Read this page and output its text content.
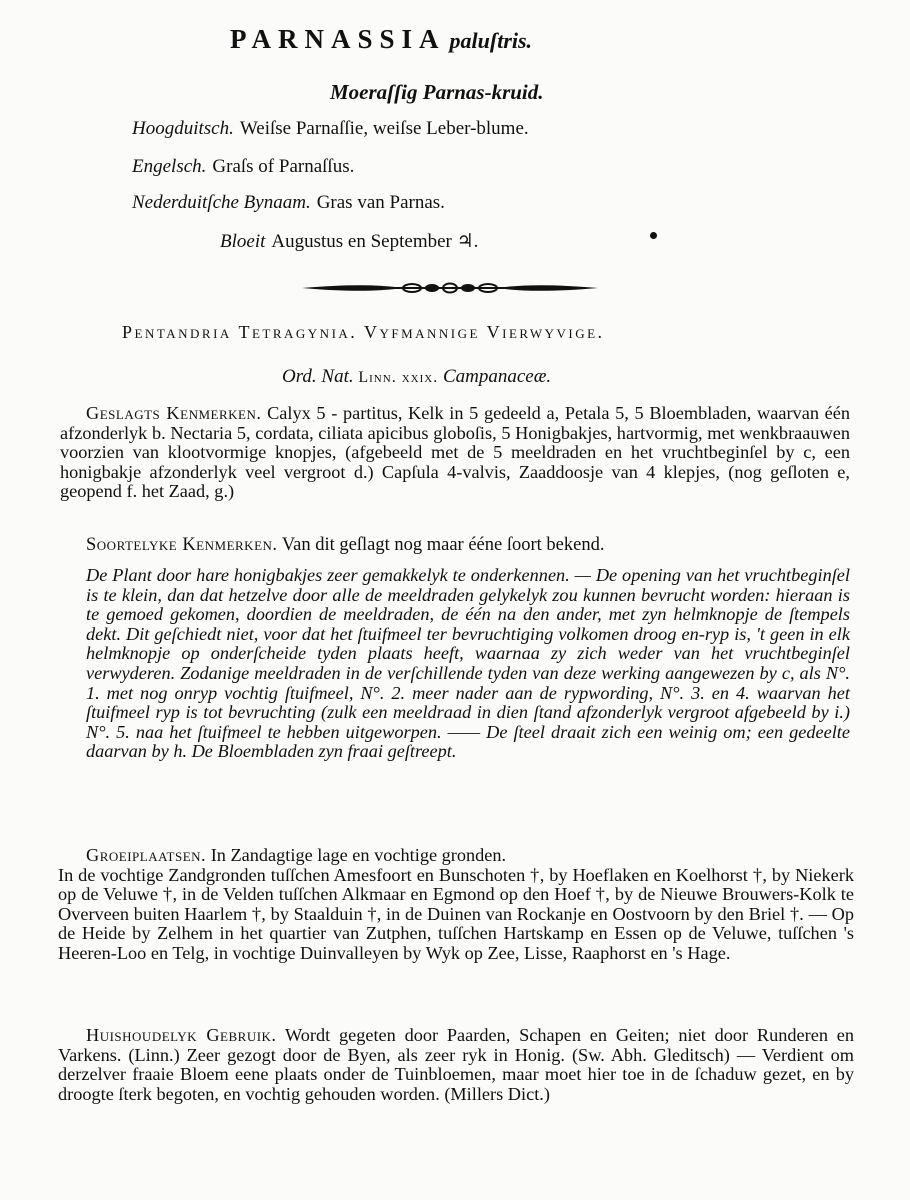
PARNASSIA paluſtris.
Moeraſſig Parnas-kruid.
Hoogduitsch. Weiſse Parnaſſie, weiſse Leber-blume.
Engelsch. Graſs of Parnaſſus.
Nederduitſche Bynaam. Gras van Parnas.
Bloeit Augustus en September ♃.
Pentandria Tetragynia. Vyfmannige Vierwyvige.
Ord. Nat. Linn. xxix. Campanaceæ.

Geslagts Kenmerken. Calyx 5 - partitus, Kelk in 5 gedeeld a, Petala 5, 5 Bloembladen, waarvan één afzonderlyk b. Nectaria 5, cordata, ciliata apicibus globoſis, 5 Honigbakjes, hartvormig, met wenkbraauwen voorzien van klootvormige knopjes, (afgebeeld met de 5 meeldraden en het vruchtbeginſel by c, een honigbakje afzonderlyk veel vergroot d.) Capſula 4-valvis, Zaaddoosje van 4 klepjes, (nog geſloten e, geopend f. het Zaad, g.)

Soortelyke Kenmerken. Van dit geſlagt nog maar ééne ſoort bekend.

De Plant door hare honigbakjes zeer gemakkelyk te onderkennen. — De opening van het vruchtbeginſel is te klein, dan dat hetzelve door alle de meeldraden gelykelyk zou kunnen bevrucht worden: hieraan is te gemoed gekomen, doordien de meeldraden, de één na den ander, met zyn helmknopje de ſtempels dekt. Dit geſchiedt niet, voor dat het ſtuifmeel ter bevruchtiging volkomen droog en-ryp is, 't geen in elk helmknopje op onderſcheide tyden plaats heeft, waarnaa zy zich weder van het vruchtbeginſel verwyderen. Zodanige meeldraden in de verſchillende tyden van deze werking aangewezen by c, als N°. 1. met nog onryp vochtig ſtuifmeel, N°. 2. meer nader aan de rypwording, N°. 3. en 4. waarvan het ſtuifmeel ryp is tot bevruchting (zulk een meeldraad in dien ſtand afzonderlyk vergroot afgebeeld by i.) N°. 5. naa het ſtuifmeel te hebben uitgeworpen. —— De ſteel draait zich een weinig om; een gedeelte daarvan by h. De Bloembladen zyn fraai geſtreept.

Groeiplaatsen. In Zandagtige lage en vochtige gronden.
In de vochtige Zandgronden tuſſchen Amesfoort en Bunschoten †, by Hoeflaken en Koelhorst †, by Niekerk op de Veluwe †, in de Velden tuſſchen Alkmaar en Egmond op den Hoef †, by de Nieuwe Brouwers-Kolk te Overveen buiten Haarlem †, by Staalduin †, in de Duinen van Rockanje en Oostvoorn by den Briel †. — Op de Heide by Zelhem in het quartier van Zutphen, tuſſchen Hartskamp en Essen op de Veluwe, tuſſchen 's Heeren-Loo en Telg, in vochtige Duinvalleyen by Wyk op Zee, Lisse, Raaphorst en 's Hage.

Huishoudelyk Gebruik. Wordt gegeten door Paarden, Schapen en Geiten; niet door Runderen en Varkens. (Linn.) Zeer gezogt door de Byen, als zeer ryk in Honig. (Sw. Abh. Gleditsch) — Verdient om derzelver fraaie Bloem eene plaats onder de Tuinbloemen, maar moet hier toe in de ſchaduw gezet, en by droogte ſterk begoten, en vochtig gehouden worden. (Millers Dict.)
